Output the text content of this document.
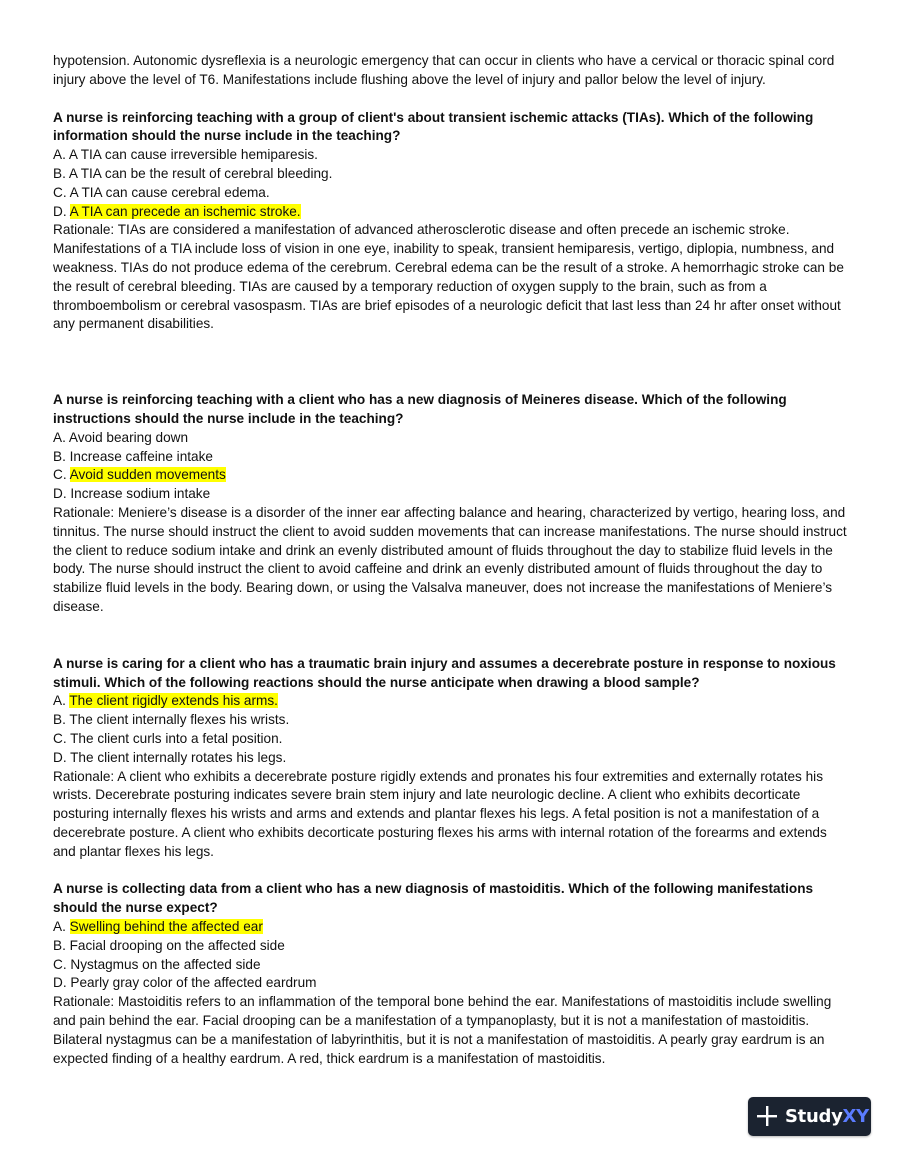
hypotension. Autonomic dysreflexia is a neurologic emergency that can occur in clients who have a cervical or thoracic spinal cord injury above the level of T6. Manifestations include flushing above the level of injury and pallor below the level of injury.

A nurse is reinforcing teaching with a group of client's about transient ischemic attacks (TIAs). Which of the following information should the nurse include in the teaching?

A. A TIA can cause irreversible hemiparesis.

B. A TIA can be the result of cerebral bleeding.

C. A TIA can cause cerebral edema.

D. A TIA can precede an ischemic stroke.

Rationale: TIAs are considered a manifestation of advanced atherosclerotic disease and often precede an ischemic stroke. Manifestations of a TIA include loss of vision in one eye, inability to speak, transient hemiparesis, vertigo, diplopia, numbness, and weakness. TIAs do not produce edema of the cerebrum. Cerebral edema can be the result of a stroke. A hemorrhagic stroke can be the result of cerebral bleeding. TIAs are caused by a temporary reduction of oxygen supply to the brain, such as from a thromboembolism or cerebral vasospasm. TIAs are brief episodes of a neurologic deficit that last less than 24 hr after onset without any permanent disabilities.

A nurse is reinforcing teaching with a client who has a new diagnosis of Meineres disease. Which of the following instructions should the nurse include in the teaching?

A. Avoid bearing down

B. Increase caffeine intake

C. Avoid sudden movements

D. Increase sodium intake

Rationale: Meniere’s disease is a disorder of the inner ear affecting balance and hearing, characterized by vertigo, hearing loss, and tinnitus. The nurse should instruct the client to avoid sudden movements that can increase manifestations. The nurse should instruct the client to reduce sodium intake and drink an evenly distributed amount of fluids throughout the day to stabilize fluid levels in the body. The nurse should instruct the client to avoid caffeine and drink an evenly distributed amount of fluids throughout the day to stabilize fluid levels in the body. Bearing down, or using the Valsalva maneuver, does not increase the manifestations of Meniere’s disease.

A nurse is caring for a client who has a traumatic brain injury and assumes a decerebrate posture in response to noxious stimuli. Which of the following reactions should the nurse anticipate when drawing a blood sample?

A. The client rigidly extends his arms.

B. The client internally flexes his wrists.

C. The client curls into a fetal position.

D. The client internally rotates his legs.

Rationale: A client who exhibits a decerebrate posture rigidly extends and pronates his four extremities and externally rotates his wrists. Decerebrate posturing indicates severe brain stem injury and late neurologic decline. A client who exhibits decorticate posturing internally flexes his wrists and arms and extends and plantar flexes his legs. A fetal position is not a manifestation of a decerebrate posture. A client who exhibits decorticate posturing flexes his arms with internal rotation of the forearms and extends and plantar flexes his legs.

A nurse is collecting data from a client who has a new diagnosis of mastoiditis. Which of the following manifestations should the nurse expect?

A. Swelling behind the affected ear

B. Facial drooping on the affected side

C. Nystagmus on the affected side

D. Pearly gray color of the affected eardrum

Rationale: Mastoiditis refers to an inflammation of the temporal bone behind the ear. Manifestations of mastoiditis include swelling and pain behind the ear. Facial drooping can be a manifestation of a tympanoplasty, but it is not a manifestation of mastoiditis. Bilateral nystagmus can be a manifestation of labyrinthitis, but it is not a manifestation of mastoiditis. A pearly gray eardrum is an expected finding of a healthy eardrum. A red, thick eardrum is a manifestation of mastoiditis.

StudyXY
